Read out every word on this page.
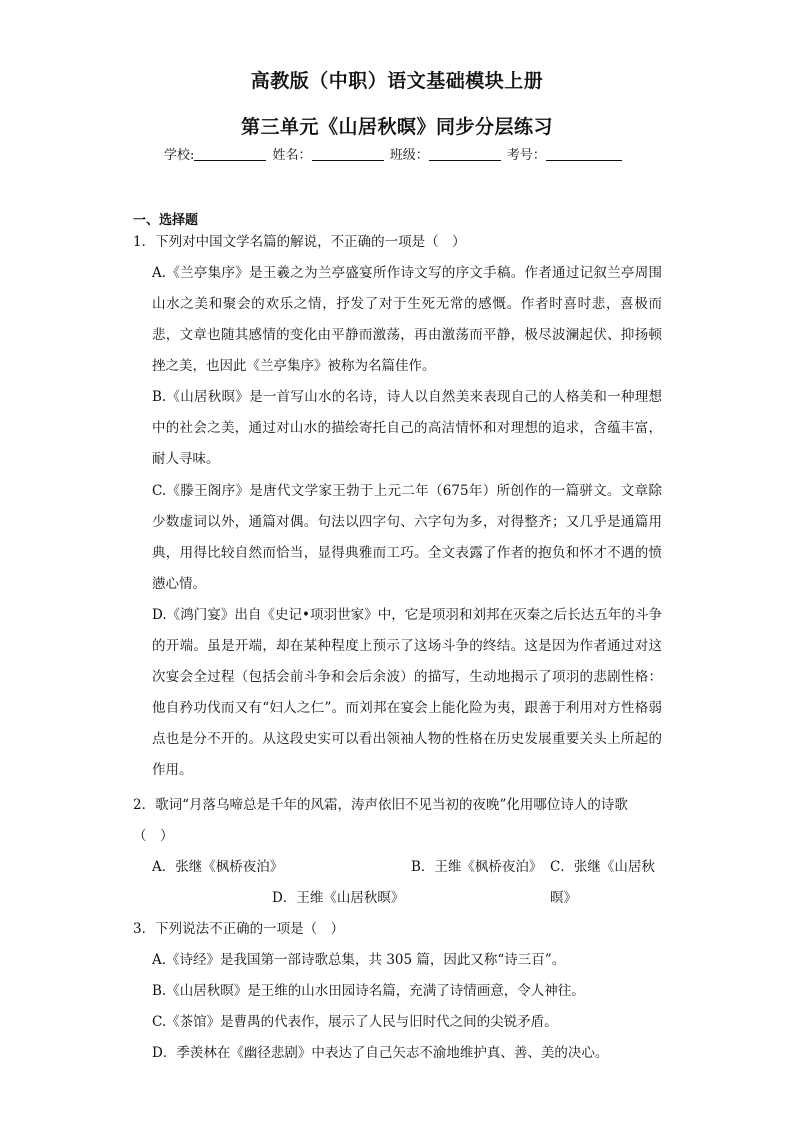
高教版（中职）语文基础模块上册
第三单元《山居秋暝》同步分层练习
学校:	姓名：	班级：	考号：
一、选择题
1．下列对中国文学名篇的解说，不正确的一项是（　）
A.《兰亭集序》是王羲之为兰亭盛宴所作诗文写的序文手稿。作者通过记叙兰亭周围山水之美和聚会的欢乐之情，抒发了对于生死无常的感慨。作者时喜时悲，喜极而悲，文章也随其感情的变化由平静而激荡，再由激荡而平静，极尽波澜起伏、抑扬顿挫之美，也因此《兰亭集序》被称为名篇佳作。
B.《山居秋暝》是一首写山水的名诗，诗人以自然美来表现自己的人格美和一种理想中的社会之美，通过对山水的描绘寄托自己的高洁情怀和对理想的追求，含蕴丰富，耐人寻味。
C.《滕王阁序》是唐代文学家王勃于上元二年（675年）所创作的一篇骈文。文章除少数虚词以外，通篇对偶。句法以四字句、六字句为多，对得整齐；又几乎是通篇用典，用得比较自然而恰当，显得典雅而工巧。全文表露了作者的抱负和怀才不遇的愤懑心情。
D.《鸿门宴》出自《史记•项羽世家》中，它是项羽和刘邦在灭秦之后长达五年的斗争的开端。虽是开端，却在某种程度上预示了这场斗争的终结。这是因为作者通过对这次宴会全过程（包括会前斗争和会后余波）的描写，生动地揭示了项羽的悲剧性格：他自矜功伐而又有“妇人之仁”。而刘邦在宴会上能化险为夷，跟善于利用对方性格弱点也是分不开的。从这段史实可以看出领袖人物的性格在历史发展重要关头上所起的作用。
2．歌词“月落乌啼总是千年的风霜，涛声依旧不见当初的夜晚”化用哪位诗人的诗歌（　）
A．张继《枫桥夜泊》	B．王维《枫桥夜泊》 C．张继《山居秋暝》
D．王维《山居秋暝》
3．下列说法不正确的一项是（　）
A.《诗经》是我国第一部诗歌总集，共 305 篇，因此又称“诗三百”。
B.《山居秋暝》是王维的山水田园诗名篇，充满了诗情画意，令人神往。
C.《茶馆》是曹禺的代表作，展示了人民与旧时代之间的尖锐矛盾。
D．季羡林在《幽径悲剧》中表达了自己矢志不渝地维护真、善、美的决心。
